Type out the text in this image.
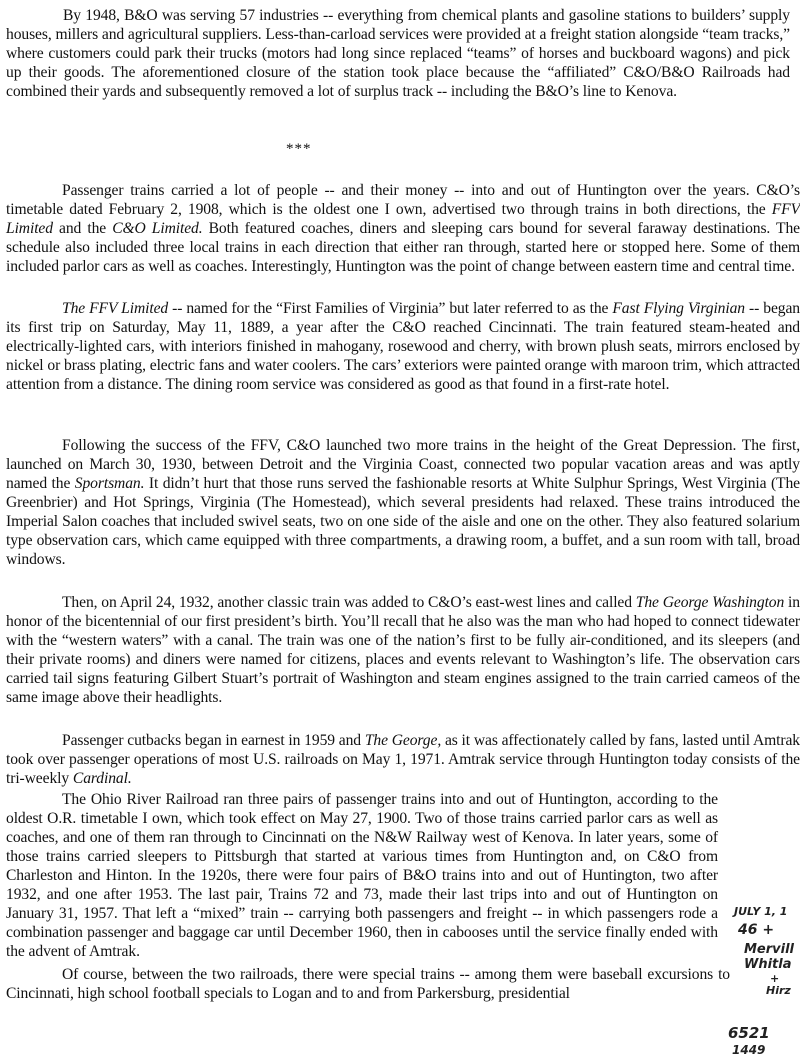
By 1948, B&O was serving 57 industries -- everything from chemical plants and gasoline stations to builders’ supply houses, millers and agricultural suppliers. Less-than-carload services were provided at a freight station alongside “team tracks,” where customers could park their trucks (motors had long since replaced “teams” of horses and buckboard wagons) and pick up their goods. The aforementioned closure of the station took place because the “affiliated” C&O/B&O Railroads had combined their yards and subsequently removed a lot of surplus track -- including the B&O’s line to Kenova.

***

Passenger trains carried a lot of people -- and their money -- into and out of Huntington over the years. C&O’s timetable dated February 2, 1908, which is the oldest one I own, advertised two through trains in both directions, the FFV Limited and the C&O Limited. Both featured coaches, diners and sleeping cars bound for several faraway destinations. The schedule also included three local trains in each direction that either ran through, started here or stopped here. Some of them included parlor cars as well as coaches. Interestingly, Huntington was the point of change between eastern time and central time.

The FFV Limited -- named for the “First Families of Virginia” but later referred to as the Fast Flying Virginian -- began its first trip on Saturday, May 11, 1889, a year after the C&O reached Cincinnati. The train featured steam-heated and electrically-lighted cars, with interiors finished in mahogany, rosewood and cherry, with brown plush seats, mirrors enclosed by nickel or brass plating, electric fans and water coolers. The cars’ exteriors were painted orange with maroon trim, which attracted attention from a distance. The dining room service was considered as good as that found in a first-rate hotel.

Following the success of the FFV, C&O launched two more trains in the height of the Great Depression. The first, launched on March 30, 1930, between Detroit and the Virginia Coast, connected two popular vacation areas and was aptly named the Sportsman. It didn’t hurt that those runs served the fashionable resorts at White Sulphur Springs, West Virginia (The Greenbrier) and Hot Springs, Virginia (The Homestead), which several presidents had relaxed. These trains introduced the Imperial Salon coaches that included swivel seats, two on one side of the aisle and one on the other. They also featured solarium type observation cars, which came equipped with three compartments, a drawing room, a buffet, and a sun room with tall, broad windows.

Then, on April 24, 1932, another classic train was added to C&O’s east-west lines and called The George Washington in honor of the bicentennial of our first president’s birth. You’ll recall that he also was the man who had hoped to connect tidewater with the “western waters” with a canal. The train was one of the nation’s first to be fully air-conditioned, and its sleepers (and their private rooms) and diners were named for citizens, places and events relevant to Washington’s life. The observation cars carried tail signs featuring Gilbert Stuart’s portrait of Washington and steam engines assigned to the train carried cameos of the same image above their headlights.

Passenger cutbacks began in earnest in 1959 and The George, as it was affectionately called by fans, lasted until Amtrak took over passenger operations of most U.S. railroads on May 1, 1971. Amtrak service through Huntington today consists of the tri-weekly Cardinal.

The Ohio River Railroad ran three pairs of passenger trains into and out of Huntington, according to the oldest O.R. timetable I own, which took effect on May 27, 1900. Two of those trains carried parlor cars as well as coaches, and one of them ran through to Cincinnati on the N&W Railway west of Kenova. In later years, some of those trains carried sleepers to Pittsburgh that started at various times from Huntington and, on C&O from Charleston and Hinton. In the 1920s, there were four pairs of B&O trains into and out of Huntington, two after 1932, and one after 1953. The last pair, Trains 72 and 73, made their last trips into and out of Huntington on January 31, 1957. That left a “mixed” train -- carrying both passengers and freight -- in which passengers rode a combination passenger and baggage car until December 1960, then in cabooses until the service finally ended with the advent of Amtrak.

Of course, between the two railroads, there were special trains -- among them were baseball excursions to Cincinnati, high school football specials to Logan and to and from Parkersburg, presidential

JULY 1, 1
46 +
Mervill
Whitla
+
Hirz
6521
1449
